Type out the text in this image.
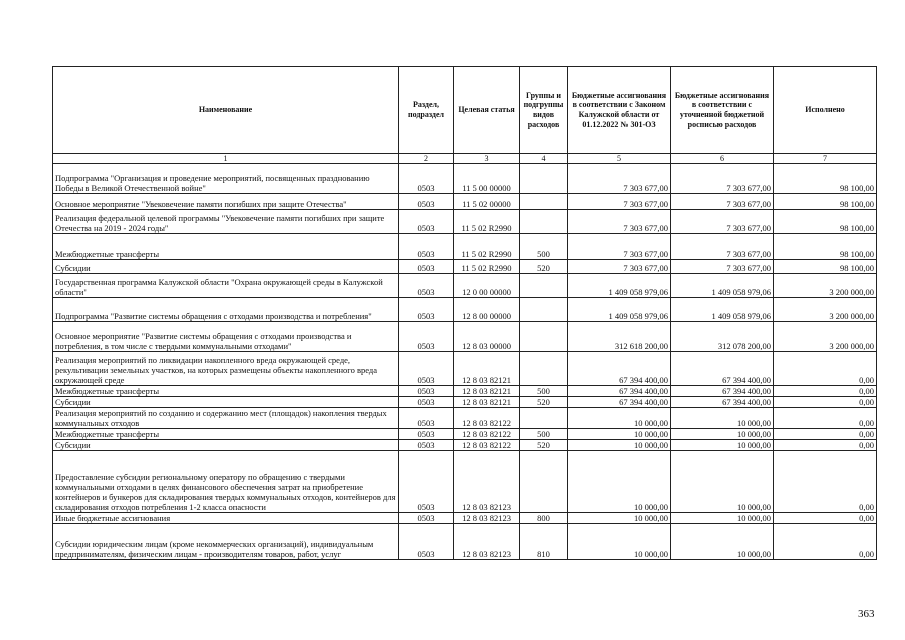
Наименование	Раздел, подраздел	Целевая статья	Группы и подгруппы видов расходов	Бюджетные ассигнования в соответствии с Законом Калужской области от 01.12.2022 № 301-ОЗ	Бюджетные ассигнования в соответствии с уточненной бюджетной росписью расходов	Исполнено
1	2	3	4	5	6	7
Подпрограмма "Организация и проведение мероприятий, посвященных празднованию Победы в Великой Отечественной войне"	0503	11 5 00 00000		7 303 677,00	7 303 677,00	98 100,00
Основное мероприятие "Увековечение памяти погибших при защите Отечества"	0503	11 5 02 00000		7 303 677,00	7 303 677,00	98 100,00
Реализация федеральной целевой программы "Увековечение памяти погибших при защите Отечества на 2019 - 2024 годы"	0503	11 5 02 R2990		7 303 677,00	7 303 677,00	98 100,00
Межбюджетные трансферты	0503	11 5 02 R2990	500	7 303 677,00	7 303 677,00	98 100,00
Субсидии	0503	11 5 02 R2990	520	7 303 677,00	7 303 677,00	98 100,00
Государственная программа Калужской области "Охрана окружающей среды в Калужской области"	0503	12 0 00 00000		1 409 058 979,06	1 409 058 979,06	3 200 000,00
Подпрограмма "Развитие системы обращения с отходами производства и потребления"	0503	12 8 00 00000		1 409 058 979,06	1 409 058 979,06	3 200 000,00
Основное мероприятие "Развитие системы обращения с отходами производства и потребления, в том числе с твердыми коммунальными отходами"	0503	12 8 03 00000		312 618 200,00	312 078 200,00	3 200 000,00
Реализация мероприятий по ликвидации накопленного вреда окружающей среде, рекультивации земельных участков, на которых размещены объекты накопленного вреда окружающей среде	0503	12 8 03 82121		67 394 400,00	67 394 400,00	0,00
Межбюджетные трансферты	0503	12 8 03 82121	500	67 394 400,00	67 394 400,00	0,00
Субсидии	0503	12 8 03 82121	520	67 394 400,00	67 394 400,00	0,00
Реализация мероприятий по созданию и содержанию мест (площадок) накопления твердых коммунальных отходов	0503	12 8 03 82122		10 000,00	10 000,00	0,00
Межбюджетные трансферты	0503	12 8 03 82122	500	10 000,00	10 000,00	0,00
Субсидии	0503	12 8 03 82122	520	10 000,00	10 000,00	0,00
Предоставление субсидии региональному оператору по обращению с твердыми коммунальными отходами в целях финансового обеспечения затрат на приобретение контейнеров и бункеров для складирования твердых коммунальных отходов, контейнеров для складирования отходов потребления 1-2 класса опасности	0503	12 8 03 82123		10 000,00	10 000,00	0,00
Иные бюджетные ассигнования	0503	12 8 03 82123	800	10 000,00	10 000,00	0,00
Субсидии юридическим лицам (кроме некоммерческих организаций), индивидуальным предпринимателям, физическим лицам - производителям товаров, работ, услуг	0503	12 8 03 82123	810	10 000,00	10 000,00	0,00
363
